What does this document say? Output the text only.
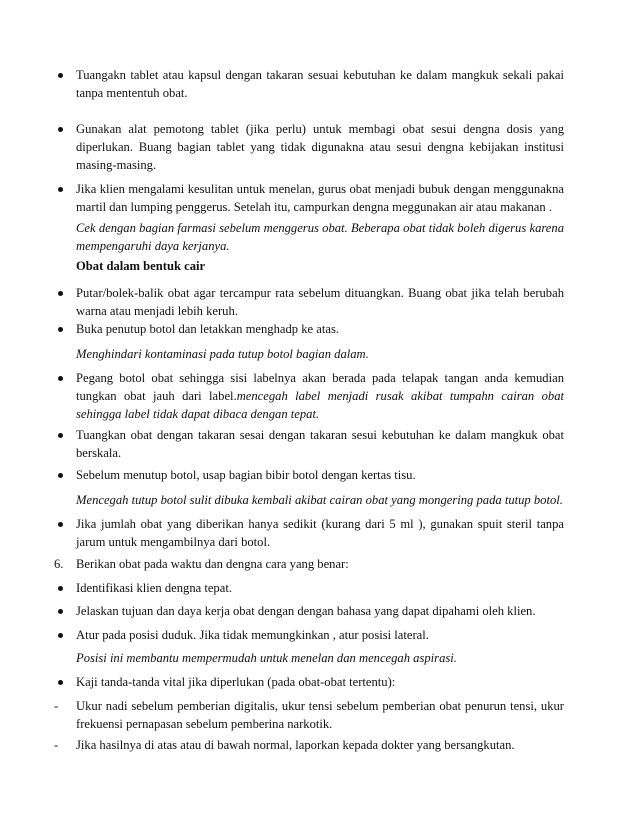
Tuangakn tablet atau kapsul dengan takaran sesuai kebutuhan ke dalam mangkuk sekali pakai tanpa mententuh obat.
Gunakan alat pemotong tablet (jika perlu) untuk membagi obat sesui dengna dosis yang diperlukan. Buang bagian tablet yang tidak digunakna atau sesui dengna kebijakan institusi masing-masing.
Jika klien mengalami kesulitan untuk menelan, gurus obat menjadi bubuk dengan menggunakna martil dan lumping penggerus. Setelah itu, campurkan dengna meggunakan air atau makanan .
Cek dengan bagian farmasi sebelum menggerus obat. Beberapa obat tidak boleh digerus karena mempengaruhi daya kerjanya.
Obat dalam bentuk cair
Putar/bolek-balik obat agar tercampur rata sebelum dituangkan. Buang obat jika telah berubah warna atau menjadi lebih keruh.
Buka penutup botol dan letakkan menghadp ke atas.
Menghindari kontaminasi pada tutup botol bagian dalam.
Pegang botol obat sehingga sisi labelnya akan berada pada telapak tangan anda kemudian tungkan obat jauh dari label.mencegah label menjadi rusak akibat tumpahn cairan obat sehingga label tidak dapat dibaca dengan tepat.
Tuangkan obat dengan takaran sesai dengan takaran sesui kebutuhan ke dalam mangkuk obat berskala.
Sebelum menutup botol, usap bagian bibir botol dengan kertas tisu.
Mencegah tutup botol sulit dibuka kembali akibat cairan obat yang mongering pada tutup botol.
Jika jumlah obat yang diberikan hanya sedikit (kurang dari 5 ml ), gunakan spuit steril tanpa jarum untuk mengambilnya dari botol.
6. Berikan obat pada waktu dan dengna cara yang benar:
Identifikasi klien dengna tepat.
Jelaskan tujuan dan daya kerja obat dengan dengan bahasa yang dapat dipahami oleh klien.
Atur pada posisi duduk. Jika tidak memungkinkan , atur posisi lateral.
Posisi ini membantu mempermudah untuk menelan dan mencegah aspirasi.
Kaji tanda-tanda vital jika diperlukan (pada obat-obat tertentu):
-	Ukur nadi sebelum pemberian digitalis, ukur tensi sebelum pemberian obat penurun tensi, ukur frekuensi pernapasan sebelum pemberina narkotik.
-	Jika hasilnya di atas atau di bawah normal, laporkan kepada dokter yang bersangkutan.
